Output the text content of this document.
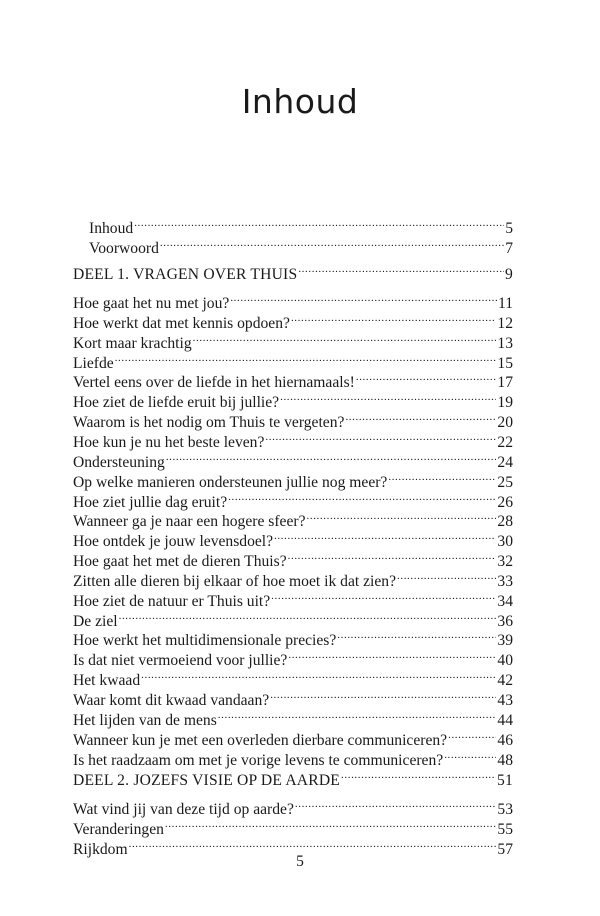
Inhoud
Inhoud .....	5
Voorwoord .....	7
DEEL 1. VRAGEN OVER THUIS .....	9
Hoe gaat het nu met jou? .....	11
Hoe werkt dat met kennis opdoen? .....	12
Kort maar krachtig .....	13
Liefde .....	15
Vertel eens over de liefde in het hiernamaals! .....	17
Hoe ziet de liefde eruit bij jullie? .....	19
Waarom is het nodig om Thuis te vergeten? .....	20
Hoe kun je nu het beste leven? .....	22
Ondersteuning .....	24
Op welke manieren ondersteunen jullie nog meer? .....	25
Hoe ziet jullie dag eruit? .....	26
Wanneer ga je naar een hogere sfeer? .....	28
Hoe ontdek je jouw levensdoel? .....	30
Hoe gaat het met de dieren Thuis? .....	32
Zitten alle dieren bij elkaar of hoe moet ik dat zien? .....	33
Hoe ziet de natuur er Thuis uit? .....	34
De ziel .....	36
Hoe werkt het multidimensionale precies? .....	39
Is dat niet vermoeiend voor jullie? .....	40
Het kwaad .....	42
Waar komt dit kwaad vandaan? .....	43
Het lijden van de mens .....	44
Wanneer kun je met een overleden dierbare communiceren? .....	46
Is het raadzaam om met je vorige levens te communiceren? .....	48
DEEL 2. JOZEFS VISIE OP DE AARDE .....	51
Wat vind jij van deze tijd op aarde? .....	53
Veranderingen .....	55
Rijkdom .....	57
5
